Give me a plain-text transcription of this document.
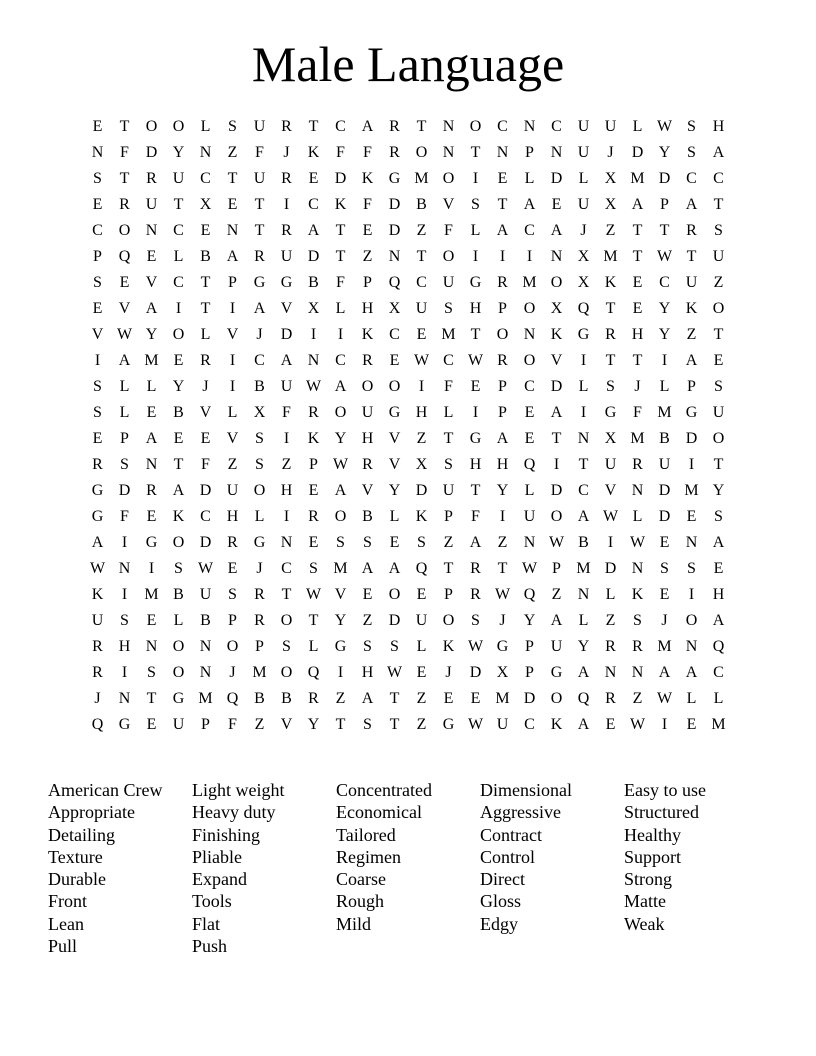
Male Language
E	T	O	O	L	S	U	R	T	C	A	R	T	N	O	C	N	C	U	U	L	W	S	H
N	F	D	Y	N	Z	F	J	K	F	F	R	O	N	T	N	P	N	U	J	D	Y	S	A
S	T	R	U	C	T	U	R	E	D	K	G	M	O	I	E	L	D	L	X	M	D	C	C
E	R	U	T	X	E	T	I	C	K	F	D	B	V	S	T	A	E	U	X	A	P	A	T
C	O	N	C	E	N	T	R	A	T	E	D	Z	F	L	A	C	A	J	Z	T	T	R	S
P	Q	E	L	B	A	R	U	D	T	Z	N	T	O	I	I	I	N	X	M	T	W	T	U
S	E	V	C	T	P	G	G	B	F	P	Q	C	U	G	R	M	O	X	K	E	C	U	Z
E	V	A	I	T	I	A	V	X	L	H	X	U	S	H	P	O	X	Q	T	E	Y	K	O
V	W	Y	O	L	V	J	D	I	I	K	C	E	M	T	O	N	K	G	R	H	Y	Z	T
I	A	M	E	R	I	C	A	N	C	R	E	W	C	W	R	O	V	I	T	T	I	A	E
S	L	L	Y	J	I	B	U	W	A	O	O	I	F	E	P	C	D	L	S	J	L	P	S
S	L	E	B	V	L	X	F	R	O	U	G	H	L	I	P	E	A	I	G	F	M	G	U
E	P	A	E	E	V	S	I	K	Y	H	V	Z	T	G	A	E	T	N	X	M	B	D	O
R	S	N	T	F	Z	S	Z	P	W	R	V	X	S	H	H	Q	I	T	U	R	U	I	T
G	D	R	A	D	U	O	H	E	A	V	Y	D	U	T	Y	L	D	C	V	N	D	M	Y
G	F	E	K	C	H	L	I	R	O	B	L	K	P	F	I	U	O	A	W	L	D	E	S
A	I	G	O	D	R	G	N	E	S	S	E	S	Z	A	Z	N	W	B	I	W	E	N	A
W	N	I	S	W	E	J	C	S	M	A	A	Q	T	R	T	W	P	M	D	N	S	S	E
K	I	M	B	U	S	R	T	W	V	E	O	E	P	R	W	Q	Z	N	L	K	E	I	H
U	S	E	L	B	P	R	O	T	Y	Z	D	U	O	S	J	Y	A	L	Z	S	J	O	A
R	H	N	O	N	O	P	S	L	G	S	S	L	K	W	G	P	U	Y	R	R	M	N	Q
R	I	S	O	N	J	M	O	Q	I	H	W	E	J	D	X	P	G	A	N	N	A	A	C
J	N	T	G	M	Q	B	B	R	Z	A	T	Z	E	E	M	D	O	Q	R	Z	W	L	L
Q	G	E	U	P	F	Z	V	Y	T	S	T	Z	G	W	U	C	K	A	E	W	I	E	M
American Crew
Appropriate
Detailing
Texture
Durable
Front
Lean
Pull
Light weight
Heavy duty
Finishing
Pliable
Expand
Tools
Flat
Push
Concentrated
Economical
Tailored
Regimen
Coarse
Rough
Mild
Dimensional
Aggressive
Contract
Control
Direct
Gloss
Edgy
Easy to use
Structured
Healthy
Support
Strong
Matte
Weak
